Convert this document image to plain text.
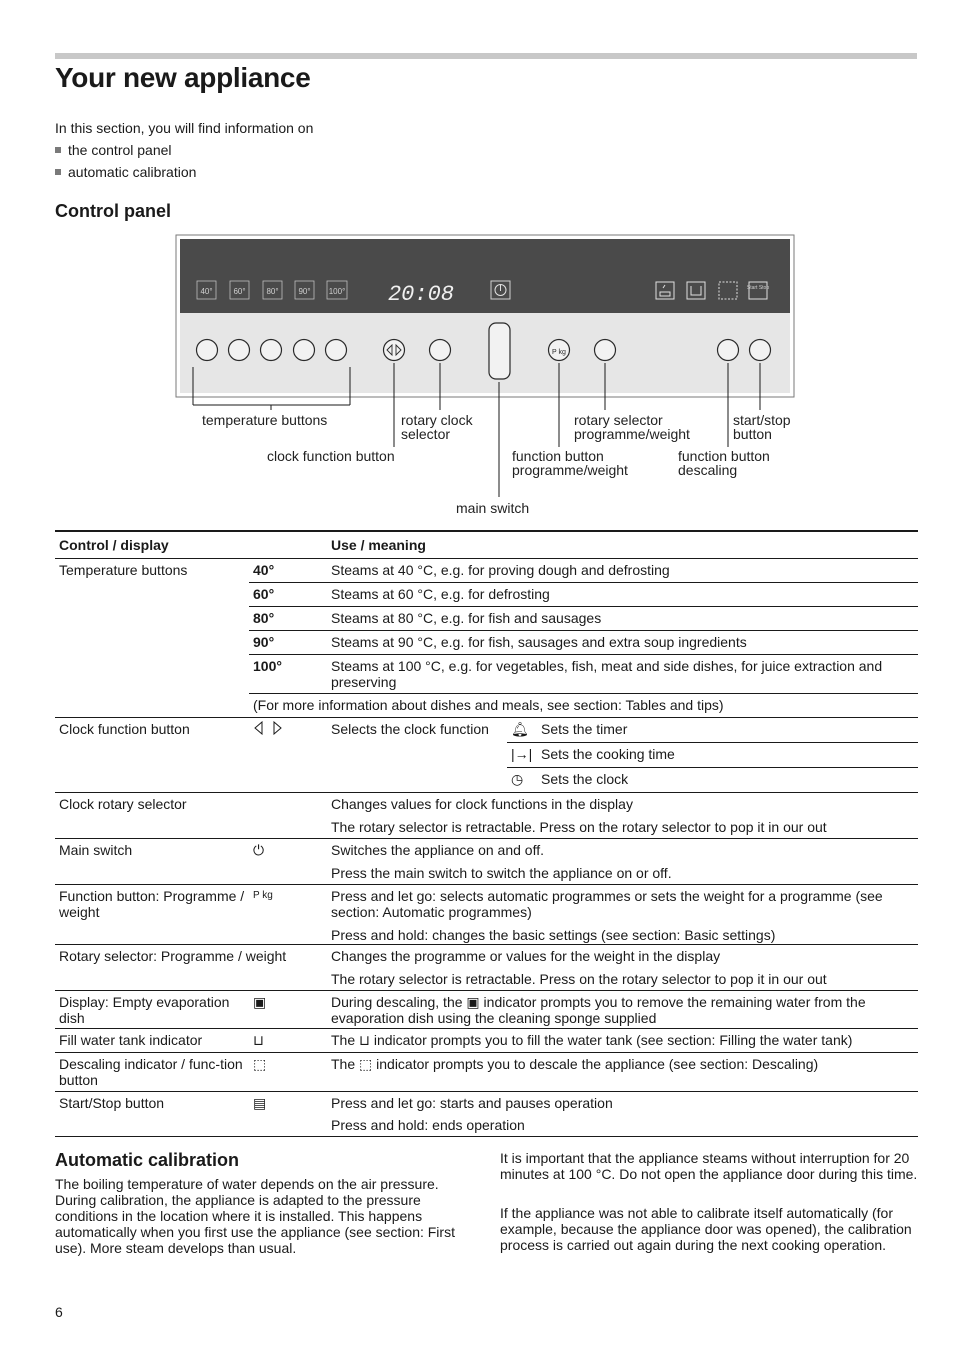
Your new appliance
In this section, you will find information on
the control panel
automatic calibration
Control panel
40°	60°	80° 90° 100° 20:08	Start Stop
P kg
temperature buttons	rotary clock
selector
clock function button
rotary selector
programme/weight
start/stop
button
function button
programme/weight
function button
descaling
main switch
Control / display		Use / meaning	
Temperature buttons	40°	Steams at 40 °C, e.g. for proving dough and defrosting	
	60°	Steams at 60 °C, e.g. for defrosting	
	80°	Steams at 80 °C, e.g. for fish and sausages	
	90°	Steams at 90 °C, e.g. for fish, sausages and extra soup ingredients	
	100°	Steams at 100 °C, e.g. for vegetables, fish, meat and side dishes, for juice extraction and preserving	
	(For more information about dishes and meals, see section: Tables and tips)		
Clock function button		Selects the clock function	🔔︎ Sets the timer
			|→| Sets the cooking time
			◷ Sets the clock
Clock rotary selector		Changes values for clock functions in the display
The rotary selector is retractable. Press on the rotary selector to pop it in our out	

Main switch	⏻	Switches the appliance on and off.
Press the main switch to switch the appliance on or off.	

Function button: Programme / weight	P kg	Press and let go: selects automatic programmes or sets the weight for a programme (see section: Automatic programmes)
Press and hold: changes the basic settings (see section: Basic settings)	

Rotary selector: Programme / weight		Changes the programme or values for the weight in the display
The rotary selector is retractable. Press on the rotary selector to pop it in our out	

Display: Empty evaporation dish	▣	During descaling, the ▣ indicator prompts you to remove the remaining water from the evaporation dish using the cleaning sponge supplied	
Fill water tank indicator	⊔	The ⊔ indicator prompts you to fill the water tank (see section: Filling the water tank)	
Descaling indicator / func-tion button	⬚	The ⬚ indicator prompts you to descale the appliance (see section: Descaling)	
Start/Stop button	▤	Press and let go: starts and pauses operation
Press and hold: ends operation	
Automatic calibration
The boiling temperature of water depends on the air pressure. During calibration, the appliance is adapted to the pressure conditions in the location where it is installed. This happens automatically when you first use the appliance (see section: First use). More steam develops than usual.
It is important that the appliance steams without interruption for 20 minutes at 100 °C. Do not open the appliance door during this time.
If the appliance was not able to calibrate itself automatically (for example, because the appliance door was opened), the calibration process is carried out again during the next cooking operation.
6
